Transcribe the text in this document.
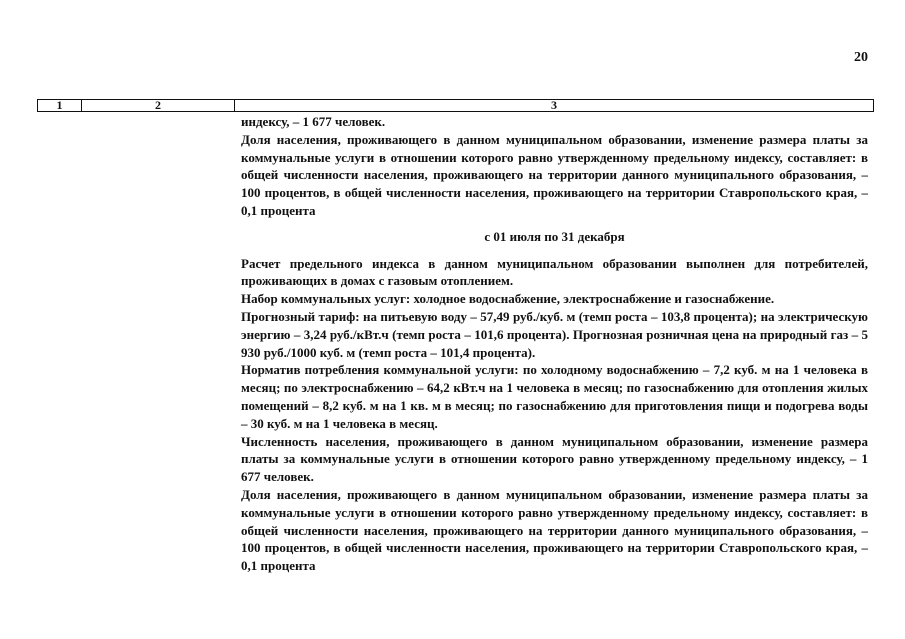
20
1	2	3

индексу, – 1 677 человек.

Доля населения, проживающего в данном муниципальном образовании, изменение размера платы за коммунальные услуги в отношении которого равно утвержденному предельному индексу, составляет: в общей численности населения, проживающего на территории данного муниципального образования, – 100 процентов, в общей численности населения, проживающего на территории Ставропольского края, – 0,1 процента

с 01 июля по 31 декабря

Расчет предельного индекса в данном муниципальном образовании выполнен для потребителей, проживающих в домах с газовым отоплением.

Набор коммунальных услуг: холодное водоснабжение, электроснабжение и газоснабжение.

Прогнозный тариф: на питьевую воду – 57,49 руб./куб. м (темп роста – 103,8 процента); на электрическую энергию – 3,24 руб./кВт.ч (темп роста – 101,6 процента). Прогнозная розничная цена на природный газ – 5 930 руб./1000 куб. м (темп роста – 101,4 процента).

Норматив потребления коммунальной услуги: по холодному водоснабжению – 7,2 куб. м на 1 человека в месяц; по электроснабжению – 64,2 кВт.ч на 1 человека в месяц; по газоснабжению для отопления жилых помещений – 8,2 куб. м на 1 кв. м в месяц; по газоснабжению для приготовления пищи и подогрева воды – 30 куб. м на 1 человека в месяц.

Численность населения, проживающего в данном муниципальном образовании, изменение размера платы за коммунальные услуги в отношении которого равно утвержденному предельному индексу, – 1 677 человек.

Доля населения, проживающего в данном муниципальном образовании, изменение размера платы за коммунальные услуги в отношении которого равно утвержденному предельному индексу, составляет: в общей численности населения, проживающего на территории данного муниципального образования, – 100 процентов, в общей численности населения, проживающего на территории Ставропольского края, – 0,1 процента
